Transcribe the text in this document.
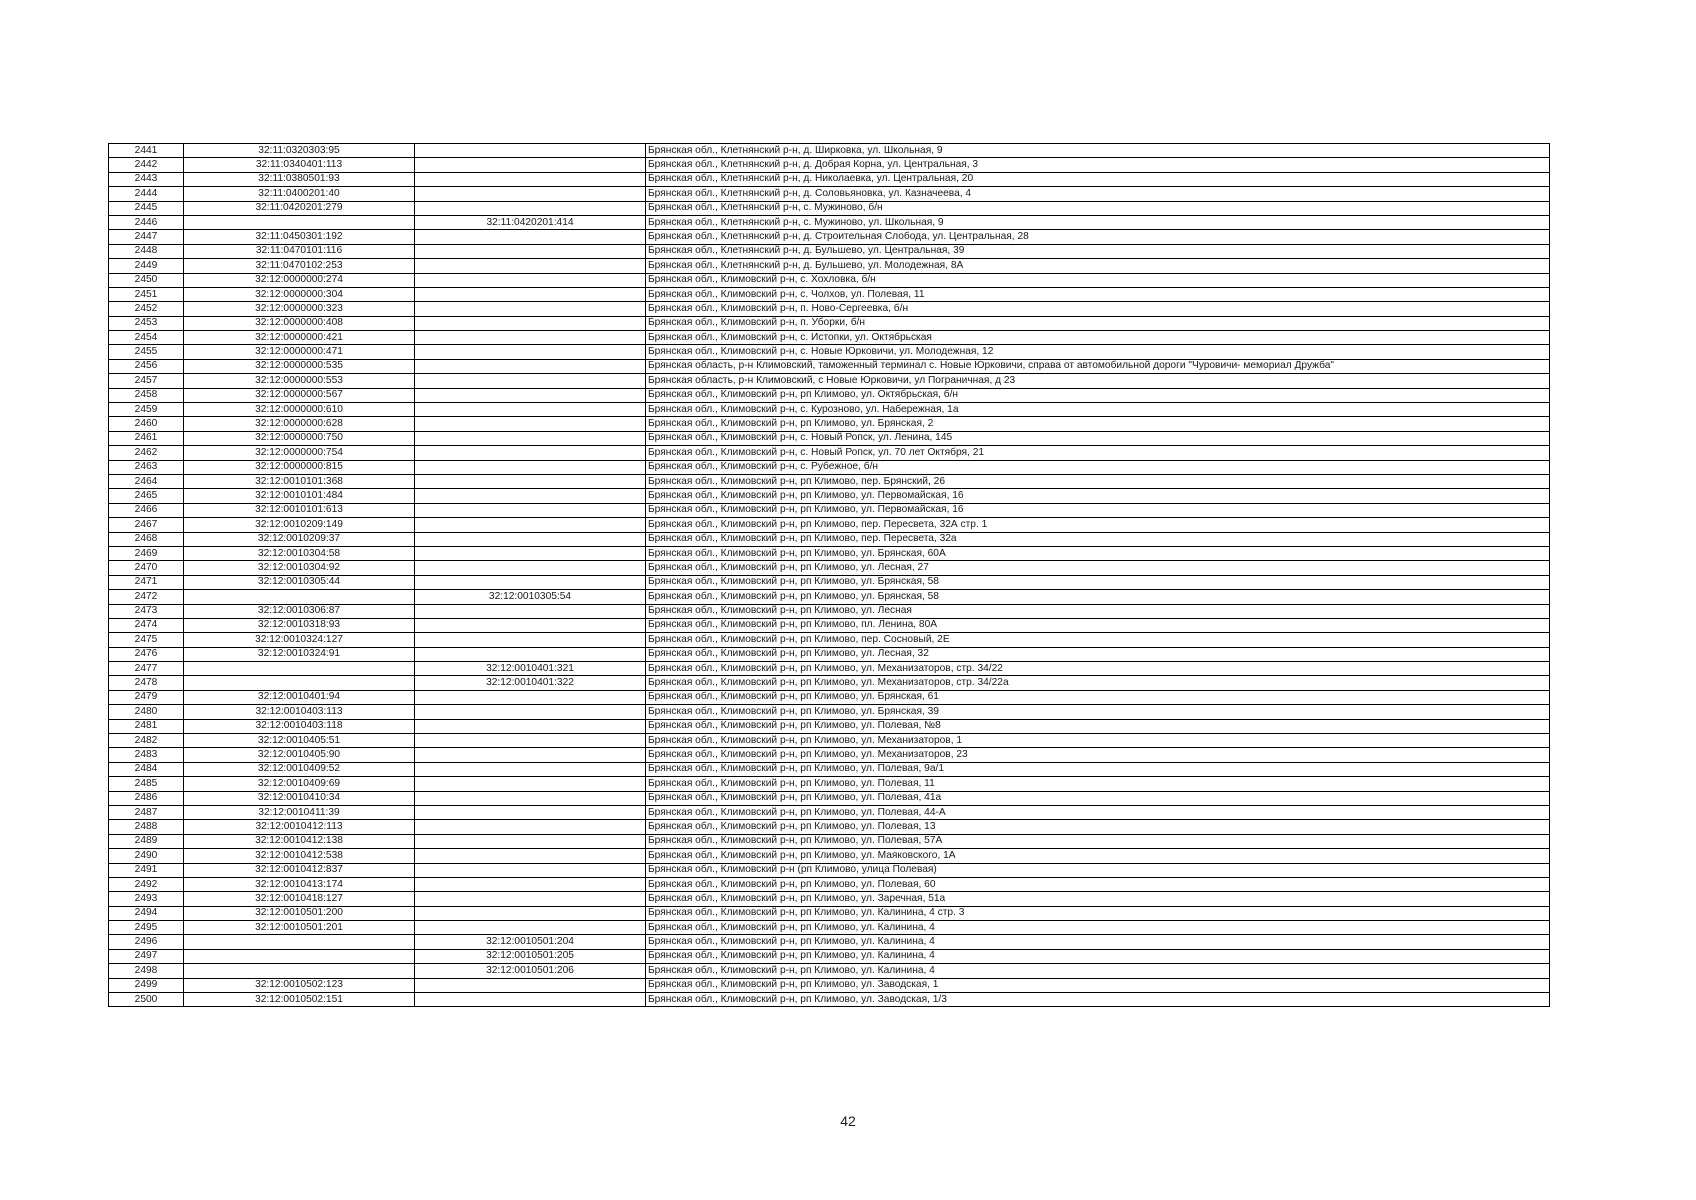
2441	32:11:0320303:95		Брянская обл., Клетнянский р-н, д. Ширковка, ул. Школьная, 9
2442	32:11:0340401:113		Брянская обл., Клетнянский р-н, д. Добрая Корна, ул. Центральная, 3
2443	32:11:0380501:93		Брянская обл., Клетнянский р-н, д. Николаевка, ул. Центральная, 20
2444	32:11:0400201:40		Брянская обл., Клетнянский р-н, д. Соловьяновка, ул. Казначеева, 4
2445	32:11:0420201:279		Брянская обл., Клетнянский р-н, с. Мужиново, б/н
2446		32:11:0420201:414	Брянская обл., Клетнянский р-н, с. Мужиново, ул. Школьная, 9
2447	32:11:0450301:192		Брянская обл., Клетнянский р-н, д. Строительная Слобода, ул. Центральная, 28
2448	32:11:0470101:116		Брянская обл., Клетнянский р-н, д. Бульшево, ул. Центральная, 39
2449	32:11:0470102:253		Брянская обл., Клетнянский р-н, д. Бульшево, ул. Молодежная, 8А
2450	32:12:0000000:274		Брянская обл., Климовский р-н, с. Хохловка, б/н
2451	32:12:0000000:304		Брянская обл., Климовский р-н, с. Чолхов, ул. Полевая, 11
2452	32:12:0000000:323		Брянская обл., Климовский р-н, п. Ново-Сергеевка, б/н
2453	32:12:0000000:408		Брянская обл., Климовский р-н, п. Уборки, б/н
2454	32:12:0000000:421		Брянская обл., Климовский р-н, с. Истопки, ул. Октябрьская
2455	32:12:0000000:471		Брянская обл., Климовский р-н, с. Новые Юрковичи, ул. Молодежная, 12
2456	32:12:0000000:535		Брянская область, р-н Климовский, таможенный терминал с. Новые Юрковичи, справа от автомобильной дороги "Чуровичи- мемориал Дружба"
2457	32:12:0000000:553		Брянская область, р-н Климовский, с Новые Юрковичи, ул Пограничная, д 23
2458	32:12:0000000:567		Брянская обл., Климовский р-н, рп Климово, ул. Октябрьская, б/н
2459	32:12:0000000:610		Брянская обл., Климовский р-н, с. Курозново, ул. Набережная, 1а
2460	32:12:0000000:628		Брянская обл., Климовский р-н, рп Климово, ул. Брянская, 2
2461	32:12:0000000:750		Брянская обл., Климовский р-н, с. Новый Ропск, ул. Ленина, 145
2462	32:12:0000000:754		Брянская обл., Климовский р-н, с. Новый Ропск, ул. 70 лет Октября, 21
2463	32:12:0000000:815		Брянская обл., Климовский р-н, с. Рубежное, б/н
2464	32:12:0010101:368		Брянская обл., Климовский р-н, рп Климово, пер. Брянский, 26
2465	32:12:0010101:484		Брянская обл., Климовский р-н, рп Климово, ул. Первомайская, 16
2466	32:12:0010101:613		Брянская обл., Климовский р-н, рп Климово, ул. Первомайская, 16
2467	32:12:0010209:149		Брянская обл., Климовский р-н, рп Климово, пер. Пересвета, 32А стр. 1
2468	32:12:0010209:37		Брянская обл., Климовский р-н, рп Климово, пер. Пересвета, 32а
2469	32:12:0010304:58		Брянская обл., Климовский р-н, рп Климово, ул. Брянская, 60А
2470	32:12:0010304:92		Брянская обл., Климовский р-н, рп Климово, ул. Лесная, 27
2471	32:12:0010305:44		Брянская обл., Климовский р-н, рп Климово, ул. Брянская, 58
2472		32:12:0010305:54	Брянская обл., Климовский р-н, рп Климово, ул. Брянская, 58
2473	32:12:0010306:87		Брянская обл., Климовский р-н, рп Климово, ул. Лесная
2474	32:12:0010318:93		Брянская обл., Климовский р-н, рп Климово, пл. Ленина, 80А
2475	32:12:0010324:127		Брянская обл., Климовский р-н, рп Климово, пер. Сосновый, 2Е
2476	32:12:0010324:91		Брянская обл., Климовский р-н, рп Климово, ул. Лесная, 32
2477		32:12:0010401:321	Брянская обл., Климовский р-н, рп Климово, ул. Механизаторов, стр. 34/22
2478		32:12:0010401:322	Брянская обл., Климовский р-н, рп Климово, ул. Механизаторов, стр. 34/22а
2479	32:12:0010401:94		Брянская обл., Климовский р-н, рп Климово, ул. Брянская, 61
2480	32:12:0010403:113		Брянская обл., Климовский р-н, рп Климово, ул. Брянская, 39
2481	32:12:0010403:118		Брянская обл., Климовский р-н, рп Климово, ул. Полевая, №8
2482	32:12:0010405:51		Брянская обл., Климовский р-н, рп Климово, ул. Механизаторов, 1
2483	32:12:0010405:90		Брянская обл., Климовский р-н, рп Климово, ул. Механизаторов, 23
2484	32:12:0010409:52		Брянская обл., Климовский р-н, рп Климово, ул. Полевая, 9а/1
2485	32:12:0010409:69		Брянская обл., Климовский р-н, рп Климово, ул. Полевая, 11
2486	32:12:0010410:34		Брянская обл., Климовский р-н, рп Климово, ул. Полевая, 41а
2487	32:12:0010411:39		Брянская обл., Климовский р-н, рп Климово, ул. Полевая, 44-А
2488	32:12:0010412:113		Брянская обл., Климовский р-н, рп Климово, ул. Полевая, 13
2489	32:12:0010412:138		Брянская обл., Климовский р-н, рп Климово, ул. Полевая, 57А
2490	32:12:0010412:538		Брянская обл., Климовский р-н, рп Климово, ул. Маяковского, 1А
2491	32:12:0010412:837		Брянская обл., Климовский р-н (рп Климово, улица Полевая)
2492	32:12:0010413:174		Брянская обл., Климовский р-н, рп Климово, ул. Полевая, 60
2493	32:12:0010418:127		Брянская обл., Климовский р-н, рп Климово, ул. Заречная, 51а
2494	32:12:0010501:200		Брянская обл., Климовский р-н, рп Климово, ул. Калинина, 4 стр. 3
2495	32:12:0010501:201		Брянская обл., Климовский р-н, рп Климово, ул. Калинина, 4
2496		32:12:0010501:204	Брянская обл., Климовский р-н, рп Климово, ул. Калинина, 4
2497		32:12:0010501:205	Брянская обл., Климовский р-н, рп Климово, ул. Калинина, 4
2498		32:12:0010501:206	Брянская обл., Климовский р-н, рп Климово, ул. Калинина, 4
2499	32:12:0010502:123		Брянская обл., Климовский р-н, рп Климово, ул. Заводская, 1
2500	32:12:0010502:151		Брянская обл., Климовский р-н, рп Климово, ул. Заводская, 1/3
42
